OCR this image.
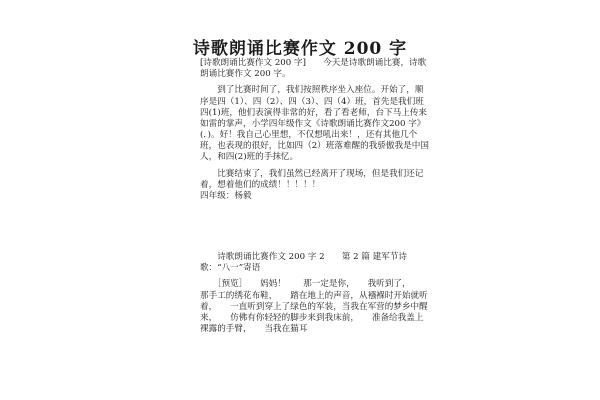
诗歌朗诵比赛作文 200 字

[诗歌朗诵比赛作文 200 字]　　今天是诗歌朗诵比赛，诗歌朗诵比赛作文 200 字。

　　到了比赛时间了，我们按照秩序坐入座位。开始了，顺序是四（1）、四（2）、四（3）、四（4）班，首先是我们班四(1)班，他们表演得非常的好，看了看老师，台下马上传来如雷的掌声，小学四年级作文《诗歌朗诵比赛作文200 字》(．)。好！我自己心里想，不仅想吼出来！，还有其他几个班，也表现的很好，比如四（2）班落难醒的我骄傲我是中国人，和四(2)班的手抹忆。

　　比赛结束了，我们虽然已经离开了现场，但是我们还记着，想着他们的成绩！！！！！

四年级：杨毅

　　诗歌朗诵比赛作文 200 字 2　　第 2 篇 建军节诗歌：“八一”寄语

　　［预览］　　妈妈！　　那一定是你，　　我听到了，　　那手工的绣花布鞋，　　踏在地上的声音，从襁褓时开始就听着，　　一直听到穿上了绿色的军装，当我在军营的梦乡中醒来，　　仿佛有你轻轻的脚步来到我床前，　　准备给我盖上裸露的手臂，　　当我在猫耳
